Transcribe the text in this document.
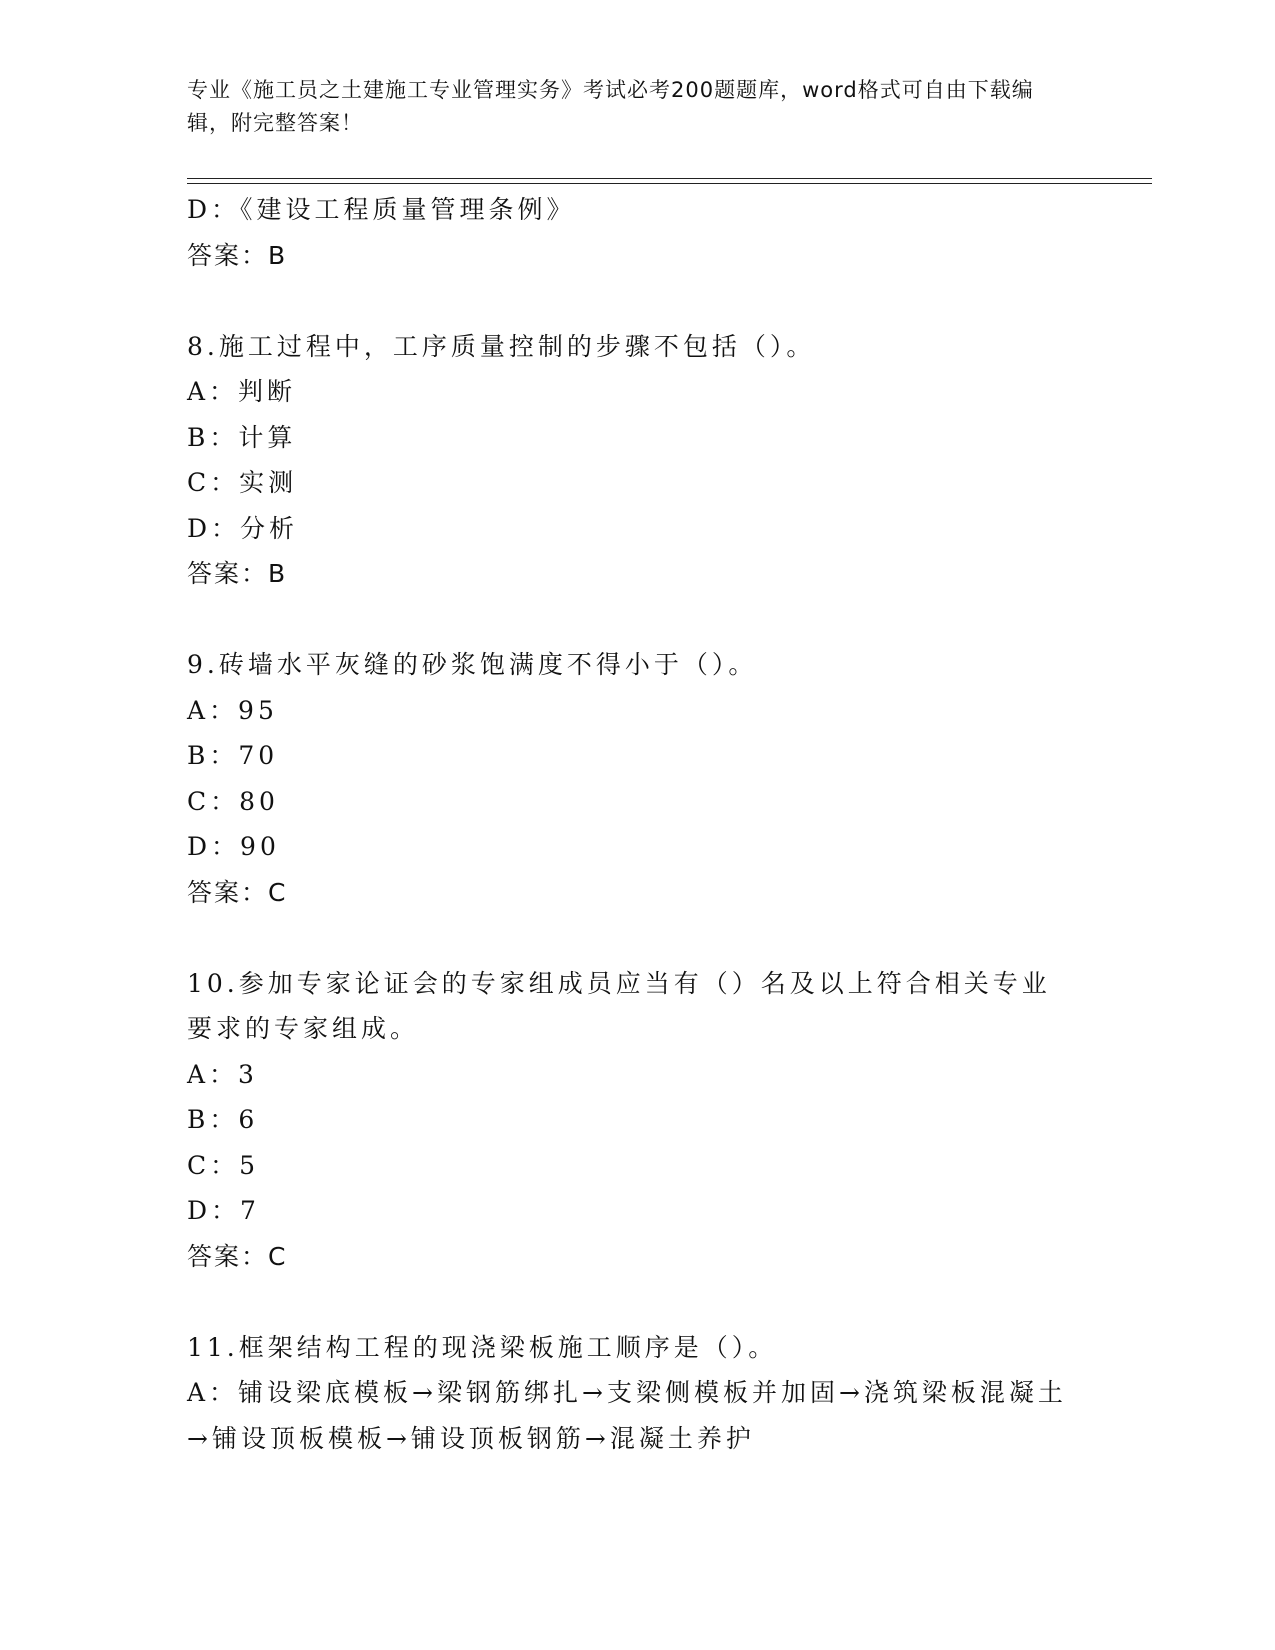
专业《施工员之土建施工专业管理实务》考试必考200题题库，word格式可自由下载编辑，附完整答案！
D：《建设工程质量管理条例》
答案：B
8.施工过程中，工序质量控制的步骤不包括（）。
A：判断
B：计算
C：实测
D：分析
答案：B
9.砖墙水平灰缝的砂浆饱满度不得小于（）。
A：95
B：70
C：80
D：90
答案：C
10.参加专家论证会的专家组成员应当有（）名及以上符合相关专业要求的专家组成。
A：3
B：6
C：5
D：7
答案：C
11.框架结构工程的现浇梁板施工顺序是（）。
A：铺设梁底模板→梁钢筋绑扎→支梁侧模板并加固→浇筑梁板混凝土→铺设顶板模板→铺设顶板钢筋→混凝土养护
